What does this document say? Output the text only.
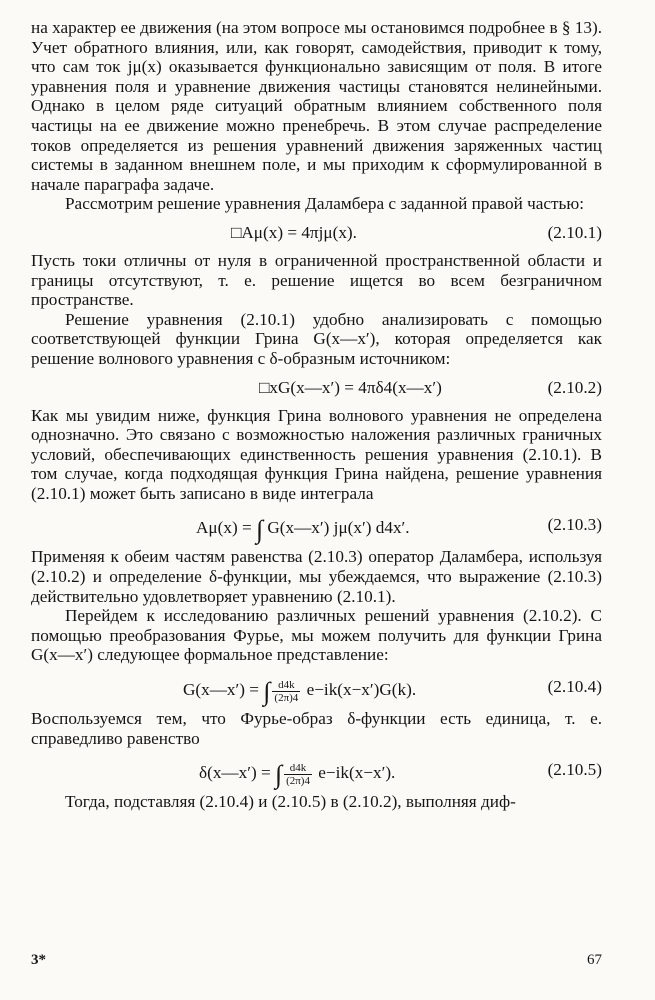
на характер ее движения (на этом вопросе мы остановимся подробнее в § 13). Учет обратного влияния, или, как говорят, самодействия, приводит к тому, что сам ток jμ(x) оказывается функционально зависящим от поля. В итоге уравнения поля и уравнение движения частицы становятся нелинейными. Однако в целом ряде ситуаций обратным влиянием собственного поля частицы на ее движение можно пренебречь. В этом случае распределение токов определяется из решения уравнений движения заряженных частиц системы в заданном внешнем поле, и мы приходим к сформулированной в начале параграфа задаче.

Рассмотрим решение уравнения Даламбера с заданной правой частью:

□Aμ(x) = 4πjμ(x).	(2.10.1)

Пусть токи отличны от нуля в ограниченной пространственной области и границы отсутствуют, т. е. решение ищется во всем безграничном пространстве.

Решение уравнения (2.10.1) удобно анализировать с помощью соответствующей функции Грина G(x—x′), которая определяется как решение волнового уравнения с δ-образным источником:

□xG(x—x′) = 4πδ4(x—x′)	(2.10.2)

Как мы увидим ниже, функция Грина волнового уравнения не определена однозначно. Это связано с возможностью наложения различных граничных условий, обеспечивающих единственность решения уравнения (2.10.1). В том случае, когда подходящая функция Грина найдена, решение уравнения (2.10.1) может быть записано в виде интеграла

Aμ(x) = ∫ G(x—x′) jμ(x′) d4x′.	(2.10.3)

Применяя к обеим частям равенства (2.10.3) оператор Даламбера, используя (2.10.2) и определение δ-функции, мы убеждаемся, что выражение (2.10.3) действительно удовлетворяет уравнению (2.10.1).

Перейдем к исследованию различных решений уравнения (2.10.2). С помощью преобразования Фурье, мы можем получить для функции Грина G(x—x′) следующее формальное представление:

G(x—x′) = ∫ $\frac{d4k}{(2\pi)4} e-ik(x-x')G(k)$.	(2.10.4)

Воспользуемся тем, что Фурье-образ δ-функции есть единица, т. е. справедливо равенство

δ(x—x′) = ∫ $\frac{d4k}{(2\pi)4} e-ik(x-x')$.	(2.10.5)

Тогда, подставляя (2.10.4) и (2.10.5) в (2.10.2), выполняя диф-

3*	67
